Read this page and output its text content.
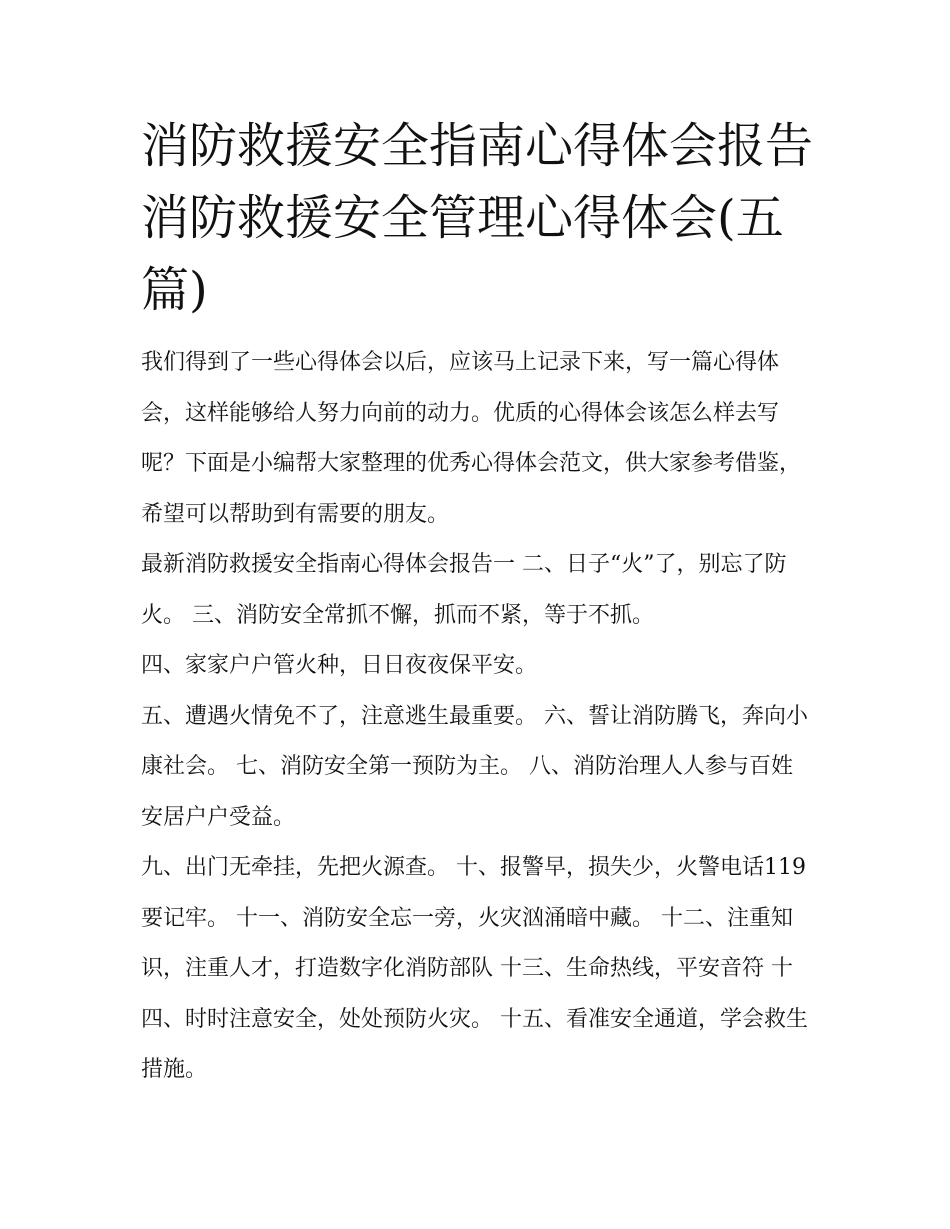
消防救援安全指南心得体会报告 消防救援安全管理心得体会(五篇)

我们得到了一些心得体会以后，应该马上记录下来，写一篇心得体会，这样能够给人努力向前的动力。优质的心得体会该怎么样去写呢？下面是小编帮大家整理的优秀心得体会范文，供大家参考借鉴，希望可以帮助到有需要的朋友。

最新消防救援安全指南心得体会报告一 二、日子“火”了，别忘了防火。 三、消防安全常抓不懈，抓而不紧，等于不抓。

四、家家户户管火种，日日夜夜保平安。

五、遭遇火情免不了，注意逃生最重要。 六、誓让消防腾飞，奔向小康社会。 七、消防安全第一预防为主。 八、消防治理人人参与百姓安居户户受益。

九、出门无牵挂，先把火源查。 十、报警早，损失少，火警电话119要记牢。 十一、消防安全忘一旁，火灾汹涌暗中藏。 十二、注重知识，注重人才，打造数字化消防部队 十三、生命热线，平安音符 十四、时时注意安全，处处预防火灾。 十五、看准安全通道，学会救生措施。
